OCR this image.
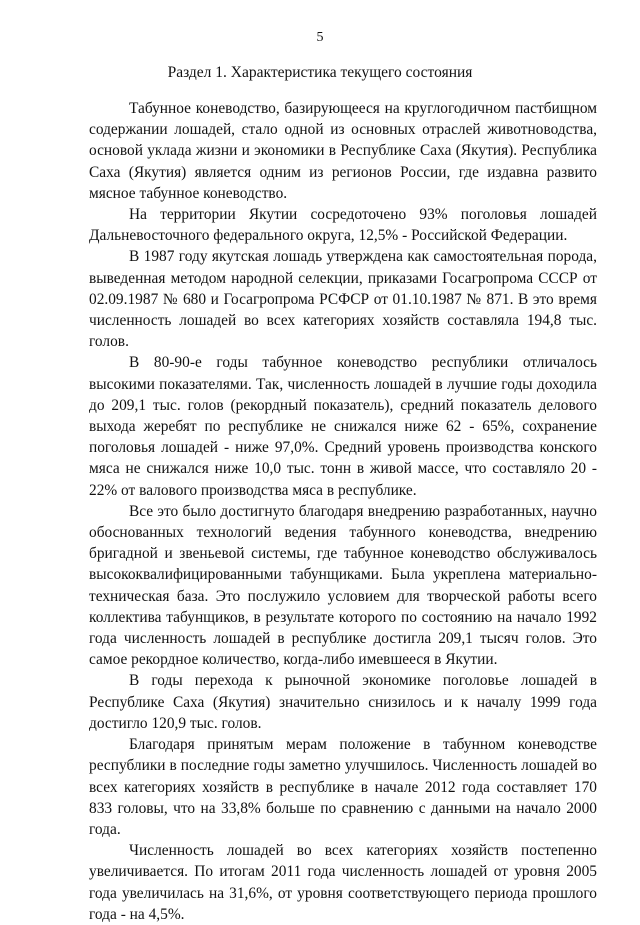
5
Раздел 1. Характеристика текущего состояния

Табунное коневодство, базирующееся на круглогодичном пастбищном содержании лошадей, стало одной из основных отраслей животноводства, основой уклада жизни и экономики в Республике Саха (Якутия). Республика Саха (Якутия) является одним из регионов России, где издавна развито мясное табунное коневодство.

На территории Якутии сосредоточено 93% поголовья лошадей Дальневосточного федерального округа, 12,5% - Российской Федерации.

В 1987 году якутская лошадь утверждена как самостоятельная порода, выведенная методом народной селекции, приказами Госагропрома СССР от 02.09.1987 № 680 и Госагропрома РСФСР от 01.10.1987 № 871. В это время численность лошадей во всех категориях хозяйств составляла 194,8 тыс. голов.

В 80-90-е годы табунное коневодство республики отличалось высокими показателями. Так, численность лошадей в лучшие годы доходила до 209,1 тыс. голов (рекордный показатель), средний показатель делового выхода жеребят по республике не снижался ниже 62 - 65%, сохранение поголовья лошадей - ниже 97,0%. Средний уровень производства конского мяса не снижался ниже 10,0 тыс. тонн в живой массе, что составляло 20 - 22% от валового производства мяса в республике.

Все это было достигнуто благодаря внедрению разработанных, научно обоснованных технологий ведения табунного коневодства, внедрению бригадной и звеньевой системы, где табунное коневодство обслуживалось высококвалифицированными табунщиками. Была укреплена материально-техническая база. Это послужило условием для творческой работы всего коллектива табунщиков, в результате которого по состоянию на начало 1992 года численность лошадей в республике достигла 209,1 тысяч голов. Это самое рекордное количество, когда-либо имевшееся в Якутии.

В годы перехода к рыночной экономике поголовье лошадей в Республике Саха (Якутия) значительно снизилось и к началу 1999 года достигло 120,9 тыс. голов.

Благодаря принятым мерам положение в табунном коневодстве республики в последние годы заметно улучшилось. Численность лошадей во всех категориях хозяйств в республике в начале 2012 года составляет 170 833 головы, что на 33,8% больше по сравнению с данными на начало 2000 года.

Численность лошадей во всех категориях хозяйств постепенно увеличивается. По итогам 2011 года численность лошадей от уровня 2005 года увеличилась на 31,6%, от уровня соответствующего периода прошлого года - на 4,5%.
